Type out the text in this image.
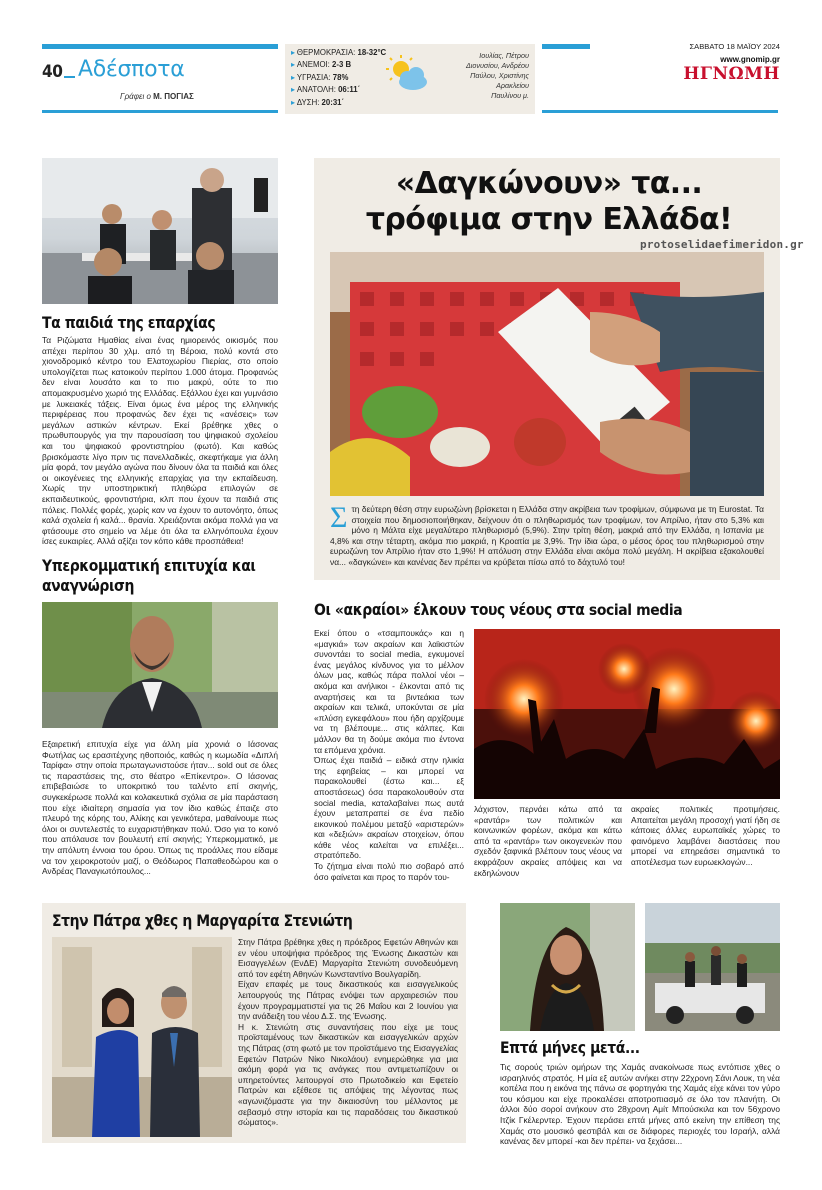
40 Αδέσποτα
Γράφει ο Μ. ΠΟΓΙΑΣ
▸ ΘΕΡΜΟΚΡΑΣΙΑ: 18-32°C
▸ ΑΝΕΜΟΙ: 2-3 Β
▸ ΥΓΡΑΣΙΑ: 78%
▸ ΑΝΑΤΟΛΗ: 06:11΄
▸ ΔΥΣΗ: 20:31΄
Ιουλίας, Πέτρου
Διονυσίου, Ανδρέου
Παύλου, Χριστίνης
Αρακλείου
Παυλίνου μ.
ΣΑΒΒΑΤΟ 18 ΜΑΪΟΥ 2024
www.gnomip.gr
ΗΓΝΩΜΗ
Τα παιδιά της επαρχίας
Τα Ριζώματα Ημαθίας είναι ένας ημιορεινός οικισμός που απέχει περίπου 30 χλμ. από τη Βέροια, πολύ κοντά στο χιονοδρομικό κέντρο του Ελατοχωρίου Πιερίας, στο οποίο υπολογίζεται πως κατοικούν περίπου 1.000 άτομα. Προφανώς δεν είναι λουσάτο και το πιο μακρύ, ούτε το πιο απομακρυσμένο χωριό της Ελλάδας. Εξάλλου έχει και γυμνάσιο με λυκειακές τάξεις. Είναι όμως ένα μέρος της ελληνικής περιφέρειας που προφανώς δεν έχει τις «ανέσεις» των μεγάλων αστικών κέντρων. Εκεί βρέθηκε χθες ο πρωθυπουργός για την παρουσίαση του ψηφιακού σχολείου και του ψηφιακού φροντιστηρίου (φωτό). Και καθώς βρισκόμαστε λίγο πριν τις πανελλαδικές, σκεφτήκαμε για άλλη μία φορά, τον μεγάλο αγώνα που δίνουν όλα τα παιδιά και όλες οι οικογένειες της ελληνικής επαρχίας για την εκπαίδευση. Χωρίς την υποστηρικτική πληθώρα επιλογών σε εκπαιδευτικούς, φροντιστήρια, κλπ που έχουν τα παιδιά στις πόλεις. Πολλές φορές, χωρίς καν να έχουν το αυτονόητο, όπως καλά σχολεία ή καλά... θρανία. Χρειάζονται ακόμα πολλά για να φτάσουμε στο σημείο να λέμε ότι όλα τα ελληνόπουλα έχουν ίσες ευκαιρίες. Αλλά αξίζει τον κόπο κάθε προσπάθεια!
Υπερκομματική επιτυχία και αναγνώριση
Εξαιρετική επιτυχία είχε για άλλη μία χρονιά ο Ιάσονας Φωτήλας ως ερασιτέχνης ηθοποιός, καθώς η κωμωδία «Διπλή Ταρίφα» στην οποία πρωταγωνιστούσε ήταν... sold out σε όλες τις παραστάσεις της, στο θέατρο «Επίκεντρο». Ο Ιάσονας επιβεβαιώσε το υποκριτικό του ταλέντο επί σκηνής, συγκεκέρωσε πολλά και κολακευτικά σχόλια σε μία παράσταση που είχε ιδιαίτερη σημασία για τον ίδιο καθώς έπαιζε στο πλευρό της κόρης του, Αλίκης και γενικότερα, μαθαίνουμε πως όλοι οι συντελεστές το ευχαριστήθηκαν πολύ. Όσο για το κοινό που απόλαυσε τον βουλευτή επί σκηνής; Υπερκομματικό, με την απόλυτη έννοια του όρου. Όπως τις προάλλες που είδαμε να τον χειροκροτούν μαζί, ο Θεόδωρος Παπαθεοδώρου και ο Ανδρέας Παναγιωτόπουλος...
«Δαγκώνουν» τα... τρόφιμα στην Ελλάδα!
protoselidaefimeridon.gr
Στη δεύτερη θέση στην ευρωζώνη βρίσκεται η Ελλάδα στην ακρίβεια των τροφίμων, σύμφωνα με τη Eurostat. Τα στοιχεία που δημοσιοποιήθηκαν, δείχνουν ότι ο πληθωρισμός των τροφίμων, τον Απρίλιο, ήταν στο 5,3% και μόνο η Μάλτα είχε μεγαλύτερο πληθωρισμό (5,9%). Στην τρίτη θέση, μακριά από την Ελλάδα, η Ισπανία με 4,8% και στην τέταρτη, ακόμα πιο μακριά, η Κροατία με 3,9%. Την ίδια ώρα, ο μέσος όρος του πληθωρισμού στην ευρωζώνη τον Απρίλιο ήταν στο 1,9%! Η απόλυση στην Ελλάδα είναι ακόμα πολύ μεγάλη. Η ακρίβεια εξακολουθεί να... «δαγκώνει» και κανένας δεν πρέπει να κρύβεται πίσω από το δάχτυλό του!
Οι «ακραίοι» έλκουν τους νέους στα social media
Εκεί όπου ο «τσαμπουκάς» και η «μαγκιά» των ακραίων και λαϊκιστών συνοντάει το social media, εγκυμονεί ένας μεγάλος κίνδυνος για το μέλλον όλων μας, καθώς πάρα πολλοί νέοι – ακόμα και ανήλικοι - έλκονται από τις αναρτήσεις και τα βιντεάκια των ακραίων και τελικά, υποκύνται σε μία «πλύση εγκεφάλου» που ήδη αρχίζουμε να τη βλέπουμε... στις κάλπες. Και μάλλον θα τη δούμε ακόμα πιο έντονα τα επόμενα χρόνια.
Όπως έχει παιδιά – ειδικά στην ηλικία της εφηβείας – και μπορεί να παρακολουθεί (έστω και... εξ αποστάσεως) όσα παρακολουθούν στα social media, καταλαβαίνει πως αυτά έχουν μεταπραπεί σε ένα πεδίο εικονικού πολέμου μεταξύ «αριστερών» και «δεξιών» ακραίων στοιχείων, όπου κάθε νέος καλείται να επιλέξει... στρατόπεδο.
Το ζήτημα είναι πολύ πιο σοβαρό από όσο φαίνεται και προς το παρόν του-
λάχιστον, περνάει κάτω από τα «ραντάρ» των πολιτικών και κοινωνικών φορέων, ακόμα και κάτω από τα «ραντάρ» των οικογενειών που σχεδόν ξαφνικά βλέπουν τους νέους να εκφράζουν ακραίες απόψεις και να εκδηλώνουν
ακραίες πολιτικές προτιμήσεις. Απαιτείται μεγάλη προσοχή γιατί ήδη σε κάποιες άλλες ευρωπαϊκές χώρες το φαινόμενο λαμβάνει διαστάσεις που μπορεί να επηρεάσει σημαντικά το αποτέλεσμα των ευρωεκλογών...
Στην Πάτρα χθες η Μαργαρίτα Στενιώτη
Στην Πάτρα βρέθηκε χθες η πρόεδρος Εφετών Αθηνών και εν νέου υποψήφια πρόεδρος της Ένωσης Δικαστών και Εισαγγελέων (ΕνΔΕ) Μαργαρίτα Στενιώτη συνοδευόμενη από τον εφέτη Αθηνών Κωνσταντίνο Βουλγαρίδη.
Είχαν επαφές με τους δικαστικούς και εισαγγελικούς λειτουργούς της Πάτρας ενόψει των αρχαιρεσιών που έχουν προγραμματιστεί για τις 26 Μαΐου και 2 Ιουνίου για την ανάδειξη του νέου Δ.Σ. της Ένωσης.
Η κ. Στενιώτη στις συναντήσεις που είχε με τους προϊσταμένους των δικαστικών και εισαγγελικών αρχών της Πάτρας (στη φωτό με τον προϊστάμενο της Εισαγγελίας Εφετών Πατρών Νίκο Νικολάου) ενημερώθηκε για μια ακόμη φορά για τις ανάγκες που αντιμετωπίζουν οι υπηρετούντες λειτουργοί στο Πρωτοδικείο και Εφετείο Πατρών και εξέθεσε τις απόψεις της λέγοντας πως «αγωνιζόμαστε για την δικαιοσύνη του μέλλοντος με σεβασμό στην ιστορία και τις παραδόσεις του δικαστικού σώματος».
Επτά μήνες μετά...
Τις σορούς τριών ομήρων της Χαμάς ανακοίνωσε πως εντόπισε χθες ο ισραηλινός στρατός. Η μία εξ αυτών ανήκει στην 22χρονη Σάνι Λουκ, τη νέα κοπέλα που η εικόνα της πάνω σε φορτηγάκι της Χαμάς είχε κάνει τον γύρο του κόσμου και είχε προκαλέσει αποτροπιασμό σε όλο τον πλανήτη. Οι άλλοι δύο σοροί ανήκουν στο 28χρονη Αμίτ Μπούσκιλα και τον 56χρονο Ιτζίκ Γκέλερντερ. Έχουν περάσει επτά μήνες από εκείνη την επίθεση της Χαμάς στο μουσικό φεστιβάλ και σε διάφορες περιοχές του Ισραήλ, αλλά κανένας δεν μπορεί -και δεν πρέπει- να ξεχάσει...
